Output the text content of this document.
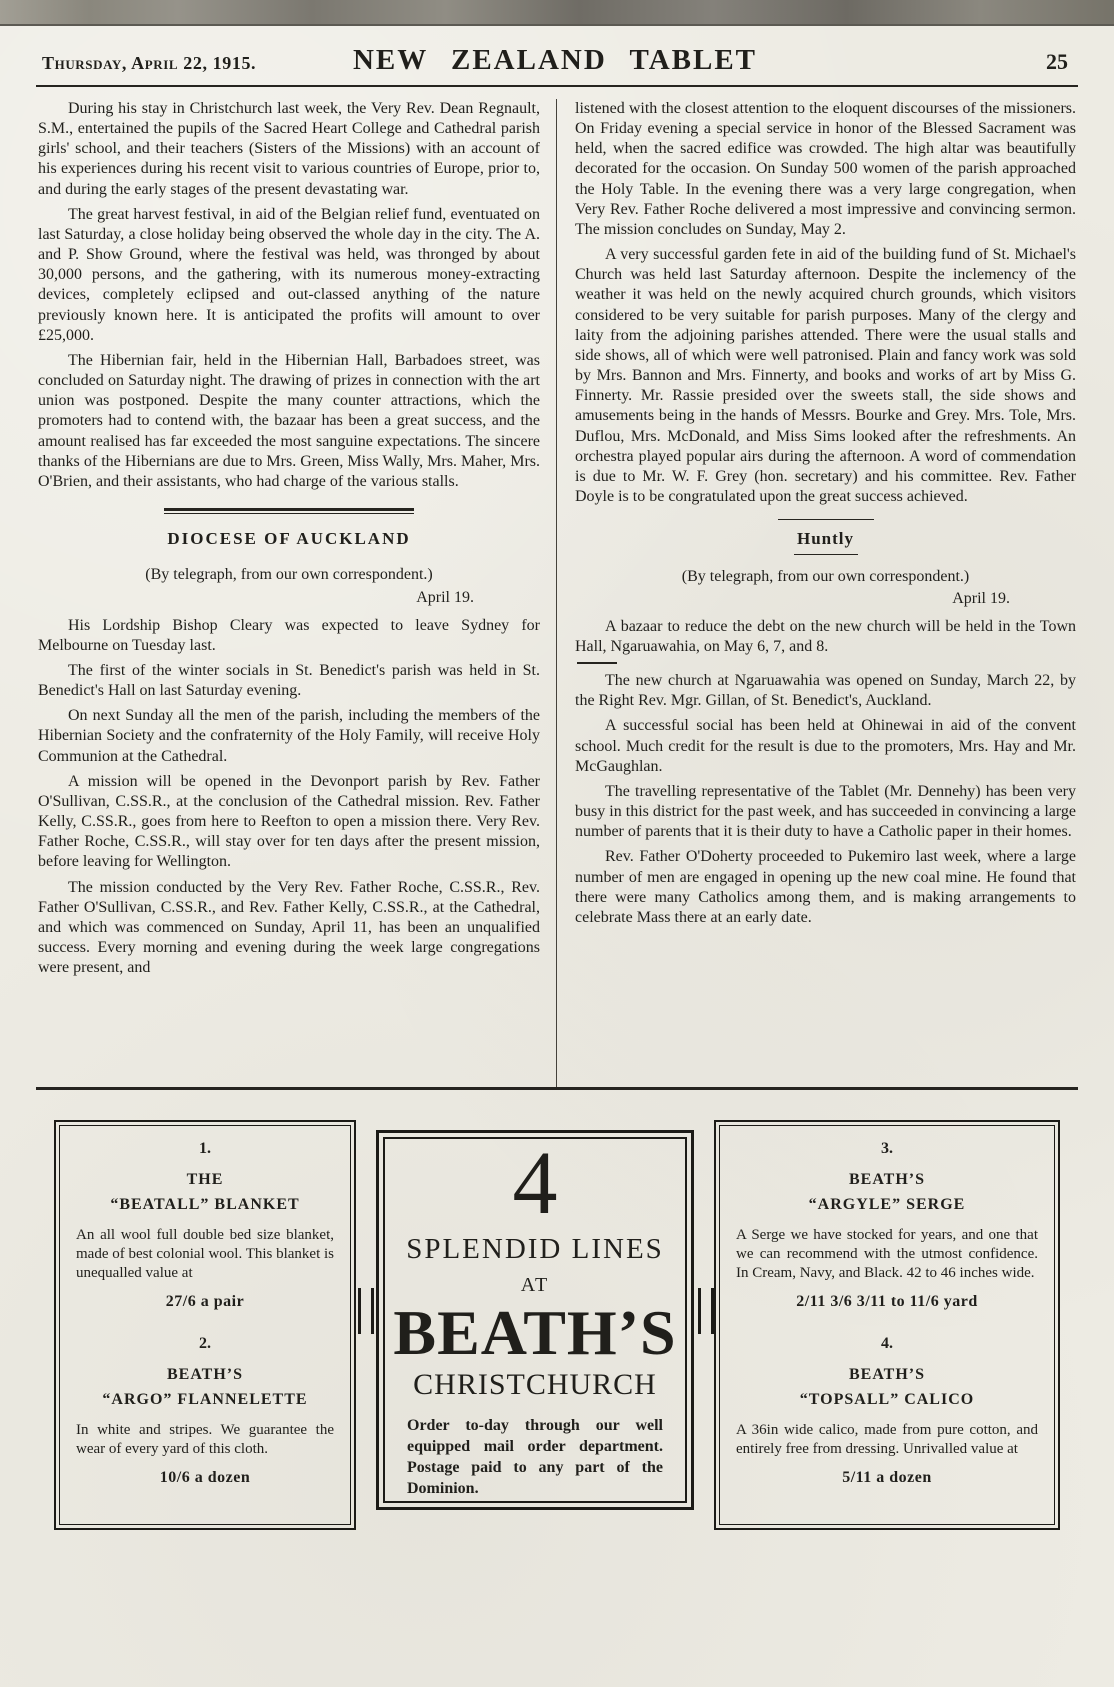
Thursday, April 22, 1915.	NEW ZEALAND TABLET	25

During his stay in Christchurch last week, the Very Rev. Dean Regnault, S.M., entertained the pupils of the Sacred Heart College and Cathedral parish girls' school, and their teachers (Sisters of the Missions) with an account of his experiences during his recent visit to various countries of Europe, prior to, and during the early stages of the present devastating war.

The great harvest festival, in aid of the Belgian relief fund, eventuated on last Saturday, a close holiday being observed the whole day in the city. The A. and P. Show Ground, where the festival was held, was thronged by about 30,000 persons, and the gathering, with its numerous money-extracting devices, completely eclipsed and out-classed anything of the nature previously known here. It is anticipated the profits will amount to over £25,000.

The Hibernian fair, held in the Hibernian Hall, Barbadoes street, was concluded on Saturday night. The drawing of prizes in connection with the art union was postponed. Despite the many counter attractions, which the promoters had to contend with, the bazaar has been a great success, and the amount realised has far exceeded the most sanguine expectations. The sincere thanks of the Hibernians are due to Mrs. Green, Miss Wally, Mrs. Maher, Mrs. O'Brien, and their assistants, who had charge of the various stalls.

DIOCESE OF AUCKLAND

(By telegraph, from our own correspondent.)

April 19.

His Lordship Bishop Cleary was expected to leave Sydney for Melbourne on Tuesday last.

The first of the winter socials in St. Benedict's parish was held in St. Benedict's Hall on last Saturday evening.

On next Sunday all the men of the parish, including the members of the Hibernian Society and the confraternity of the Holy Family, will receive Holy Communion at the Cathedral.

A mission will be opened in the Devonport parish by Rev. Father O'Sullivan, C.SS.R., at the conclusion of the Cathedral mission. Rev. Father Kelly, C.SS.R., goes from here to Reefton to open a mission there. Very Rev. Father Roche, C.SS.R., will stay over for ten days after the present mission, before leaving for Wellington.

The mission conducted by the Very Rev. Father Roche, C.SS.R., Rev. Father O'Sullivan, C.SS.R., and Rev. Father Kelly, C.SS.R., at the Cathedral, and which was commenced on Sunday, April 11, has been an unqualified success. Every morning and evening during the week large congregations were present, and

listened with the closest attention to the eloquent discourses of the missioners. On Friday evening a special service in honor of the Blessed Sacrament was held, when the sacred edifice was crowded. The high altar was beautifully decorated for the occasion. On Sunday 500 women of the parish approached the Holy Table. In the evening there was a very large congregation, when Very Rev. Father Roche delivered a most impressive and convincing sermon. The mission concludes on Sunday, May 2.

A very successful garden fete in aid of the building fund of St. Michael's Church was held last Saturday afternoon. Despite the inclemency of the weather it was held on the newly acquired church grounds, which visitors considered to be very suitable for parish purposes. Many of the clergy and laity from the adjoining parishes attended. There were the usual stalls and side shows, all of which were well patronised. Plain and fancy work was sold by Mrs. Bannon and Mrs. Finnerty, and books and works of art by Miss G. Finnerty. Mr. Rassie presided over the sweets stall, the side shows and amusements being in the hands of Messrs. Bourke and Grey. Mrs. Tole, Mrs. Duflou, Mrs. McDonald, and Miss Sims looked after the refreshments. An orchestra played popular airs during the afternoon. A word of commendation is due to Mr. W. F. Grey (hon. secretary) and his committee. Rev. Father Doyle is to be congratulated upon the great success achieved.

Huntly

(By telegraph, from our own correspondent.)

April 19.

A bazaar to reduce the debt on the new church will be held in the Town Hall, Ngaruawahia, on May 6, 7, and 8.

The new church at Ngaruawahia was opened on Sunday, March 22, by the Right Rev. Mgr. Gillan, of St. Benedict's, Auckland.

A successful social has been held at Ohinewai in aid of the convent school. Much credit for the result is due to the promoters, Mrs. Hay and Mr. McGaughlan.

The travelling representative of the Tablet (Mr. Dennehy) has been very busy in this district for the past week, and has succeeded in convincing a large number of parents that it is their duty to have a Catholic paper in their homes.

Rev. Father O'Doherty proceeded to Pukemiro last week, where a large number of men are engaged in opening up the new coal mine. He found that there were many Catholics among them, and is making arrangements to celebrate Mass there at an early date.

1.
THE
“BEATALL” BLANKET
An all wool full double bed size blanket, made of best colonial wool. This blanket is unequalled value at
27/6 a pair
2.
BEATH’S
“ARGO” FLANNELETTE
In white and stripes. We guarantee the wear of every yard of this cloth.
10/6 a dozen
4
SPLENDID LINES
AT
BEATH’S
CHRISTCHURCH
Order to-day through our well equipped mail order department. Postage paid to any part of the Dominion.
3.
BEATH’S
“ARGYLE” SERGE
A Serge we have stocked for years, and one that we can recommend with the utmost confidence. In Cream, Navy, and Black. 42 to 46 inches wide.
2/11 3/6 3/11 to 11/6 yard
4.
BEATH’S
“TOPSALL” CALICO
A 36in wide calico, made from pure cotton, and entirely free from dressing. Unrivalled value at
5/11 a dozen
